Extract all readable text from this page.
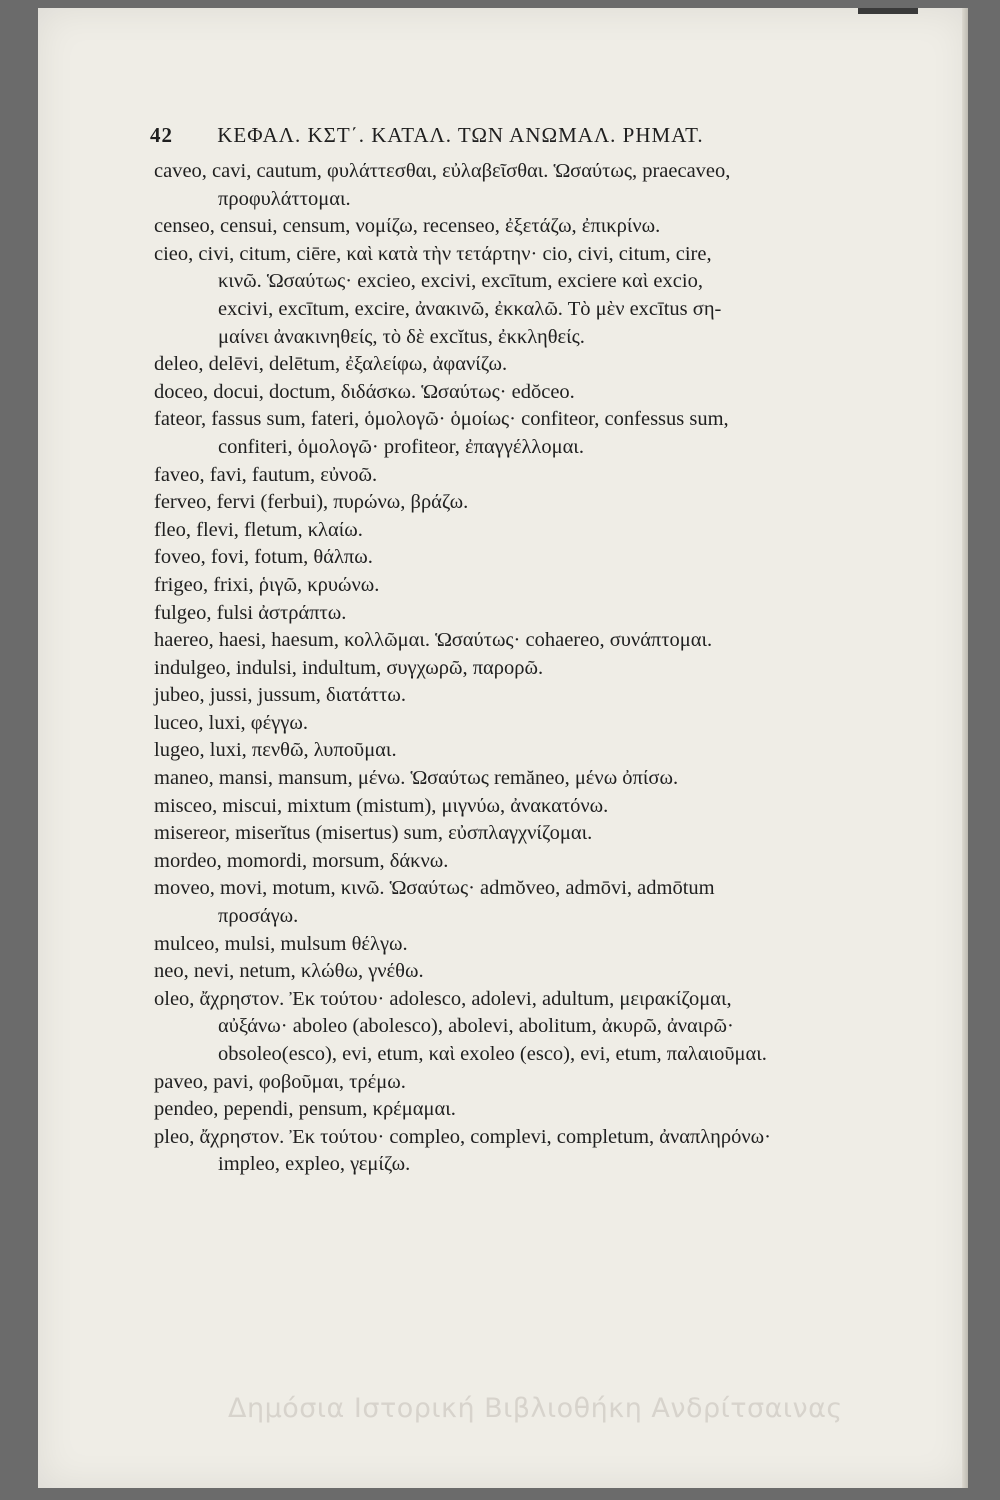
42 ΚΕΦΑΛ. ΚΣΤ΄. ΚΑΤΑΛ. ΤΩΝ ΑΝΩΜΑΛ. ΡΗΜΑΤ.
caveo, cavi, cautum, φυλάττεσθαι, εὐλαβεῖσθαι. Ὡσαύτως, praecaveo,
προφυλάττομαι.
censeo, censui, censum, νομίζω, recenseo, ἐξετάζω, ἐπικρίνω.
cieo, civi, citum, ciēre, καὶ κατὰ τὴν τετάρτην· cio, civi, citum, cire,
κινῶ. Ὡσαύτως· excieo, excivi, excītum, exciere καὶ excio,
excivi, excītum, excire, ἀνακινῶ, ἐκκαλῶ. Τὸ μὲν excītus ση-
μαίνει ἀνακινηθείς, τὸ δὲ excĭtus, ἐκκληθείς.
deleo, delēvi, delētum, ἐξαλείφω, ἀφανίζω.
doceo, docui, doctum, διδάσκω. Ὡσαύτως· edŏceo.
fateor, fassus sum, fateri, ὁμολογῶ· ὁμοίως· confiteor, confessus sum,
confiteri, ὁμολογῶ· profiteor, ἐπαγγέλλομαι.
faveo, favi, fautum, εὐνοῶ.
ferveo, fervi (ferbui), πυρώνω, βράζω.
fleo, flevi, fletum, κλαίω.
foveo, fovi, fotum, θάλπω.
frigeo, frixi, ῥιγῶ, κρυώνω.
fulgeo, fulsi ἀστράπτω.
haereo, haesi, haesum, κολλῶμαι. Ὡσαύτως· cohaereo, συνάπτομαι.
indulgeo, indulsi, indultum, συγχωρῶ, παρορῶ.
jubeo, jussi, jussum, διατάττω.
luceo, luxi, φέγγω.
lugeo, luxi, πενθῶ, λυποῦμαι.
maneo, mansi, mansum, μένω. Ὡσαύτως remăneo, μένω ὀπίσω.
misceo, miscui, mixtum (mistum), μιγνύω, ἀνακατόνω.
misereor, miserĭtus (misertus) sum, εὐσπλαγχνίζομαι.
mordeo, momordi, morsum, δάκνω.
moveo, movi, motum, κινῶ. Ὡσαύτως· admŏveo, admōvi, admōtum
προσάγω.
mulceo, mulsi, mulsum θέλγω.
neo, nevi, netum, κλώθω, γνέθω.
oleo, ἄχρηστον. Ἐκ τούτου· adolesco, adolevi, adultum, μειρακίζομαι,
αὐξάνω· aboleo (abolesco), abolevi, abolitum, ἀκυρῶ, ἀναιρῶ·
obsoleo(esco), evi, etum, καὶ exoleo (esco), evi, etum, παλαιοῦμαι.
paveo, pavi, φοβοῦμαι, τρέμω.
pendeo, pependi, pensum, κρέμαμαι.
pleo, ἄχρηστον. Ἐκ τούτου· compleo, complevi, completum, ἀναπληρόνω·
impleo, expleo, γεμίζω.
Δημόσια Ιστορική Βιβλιοθήκη Ανδρίτσαινας
